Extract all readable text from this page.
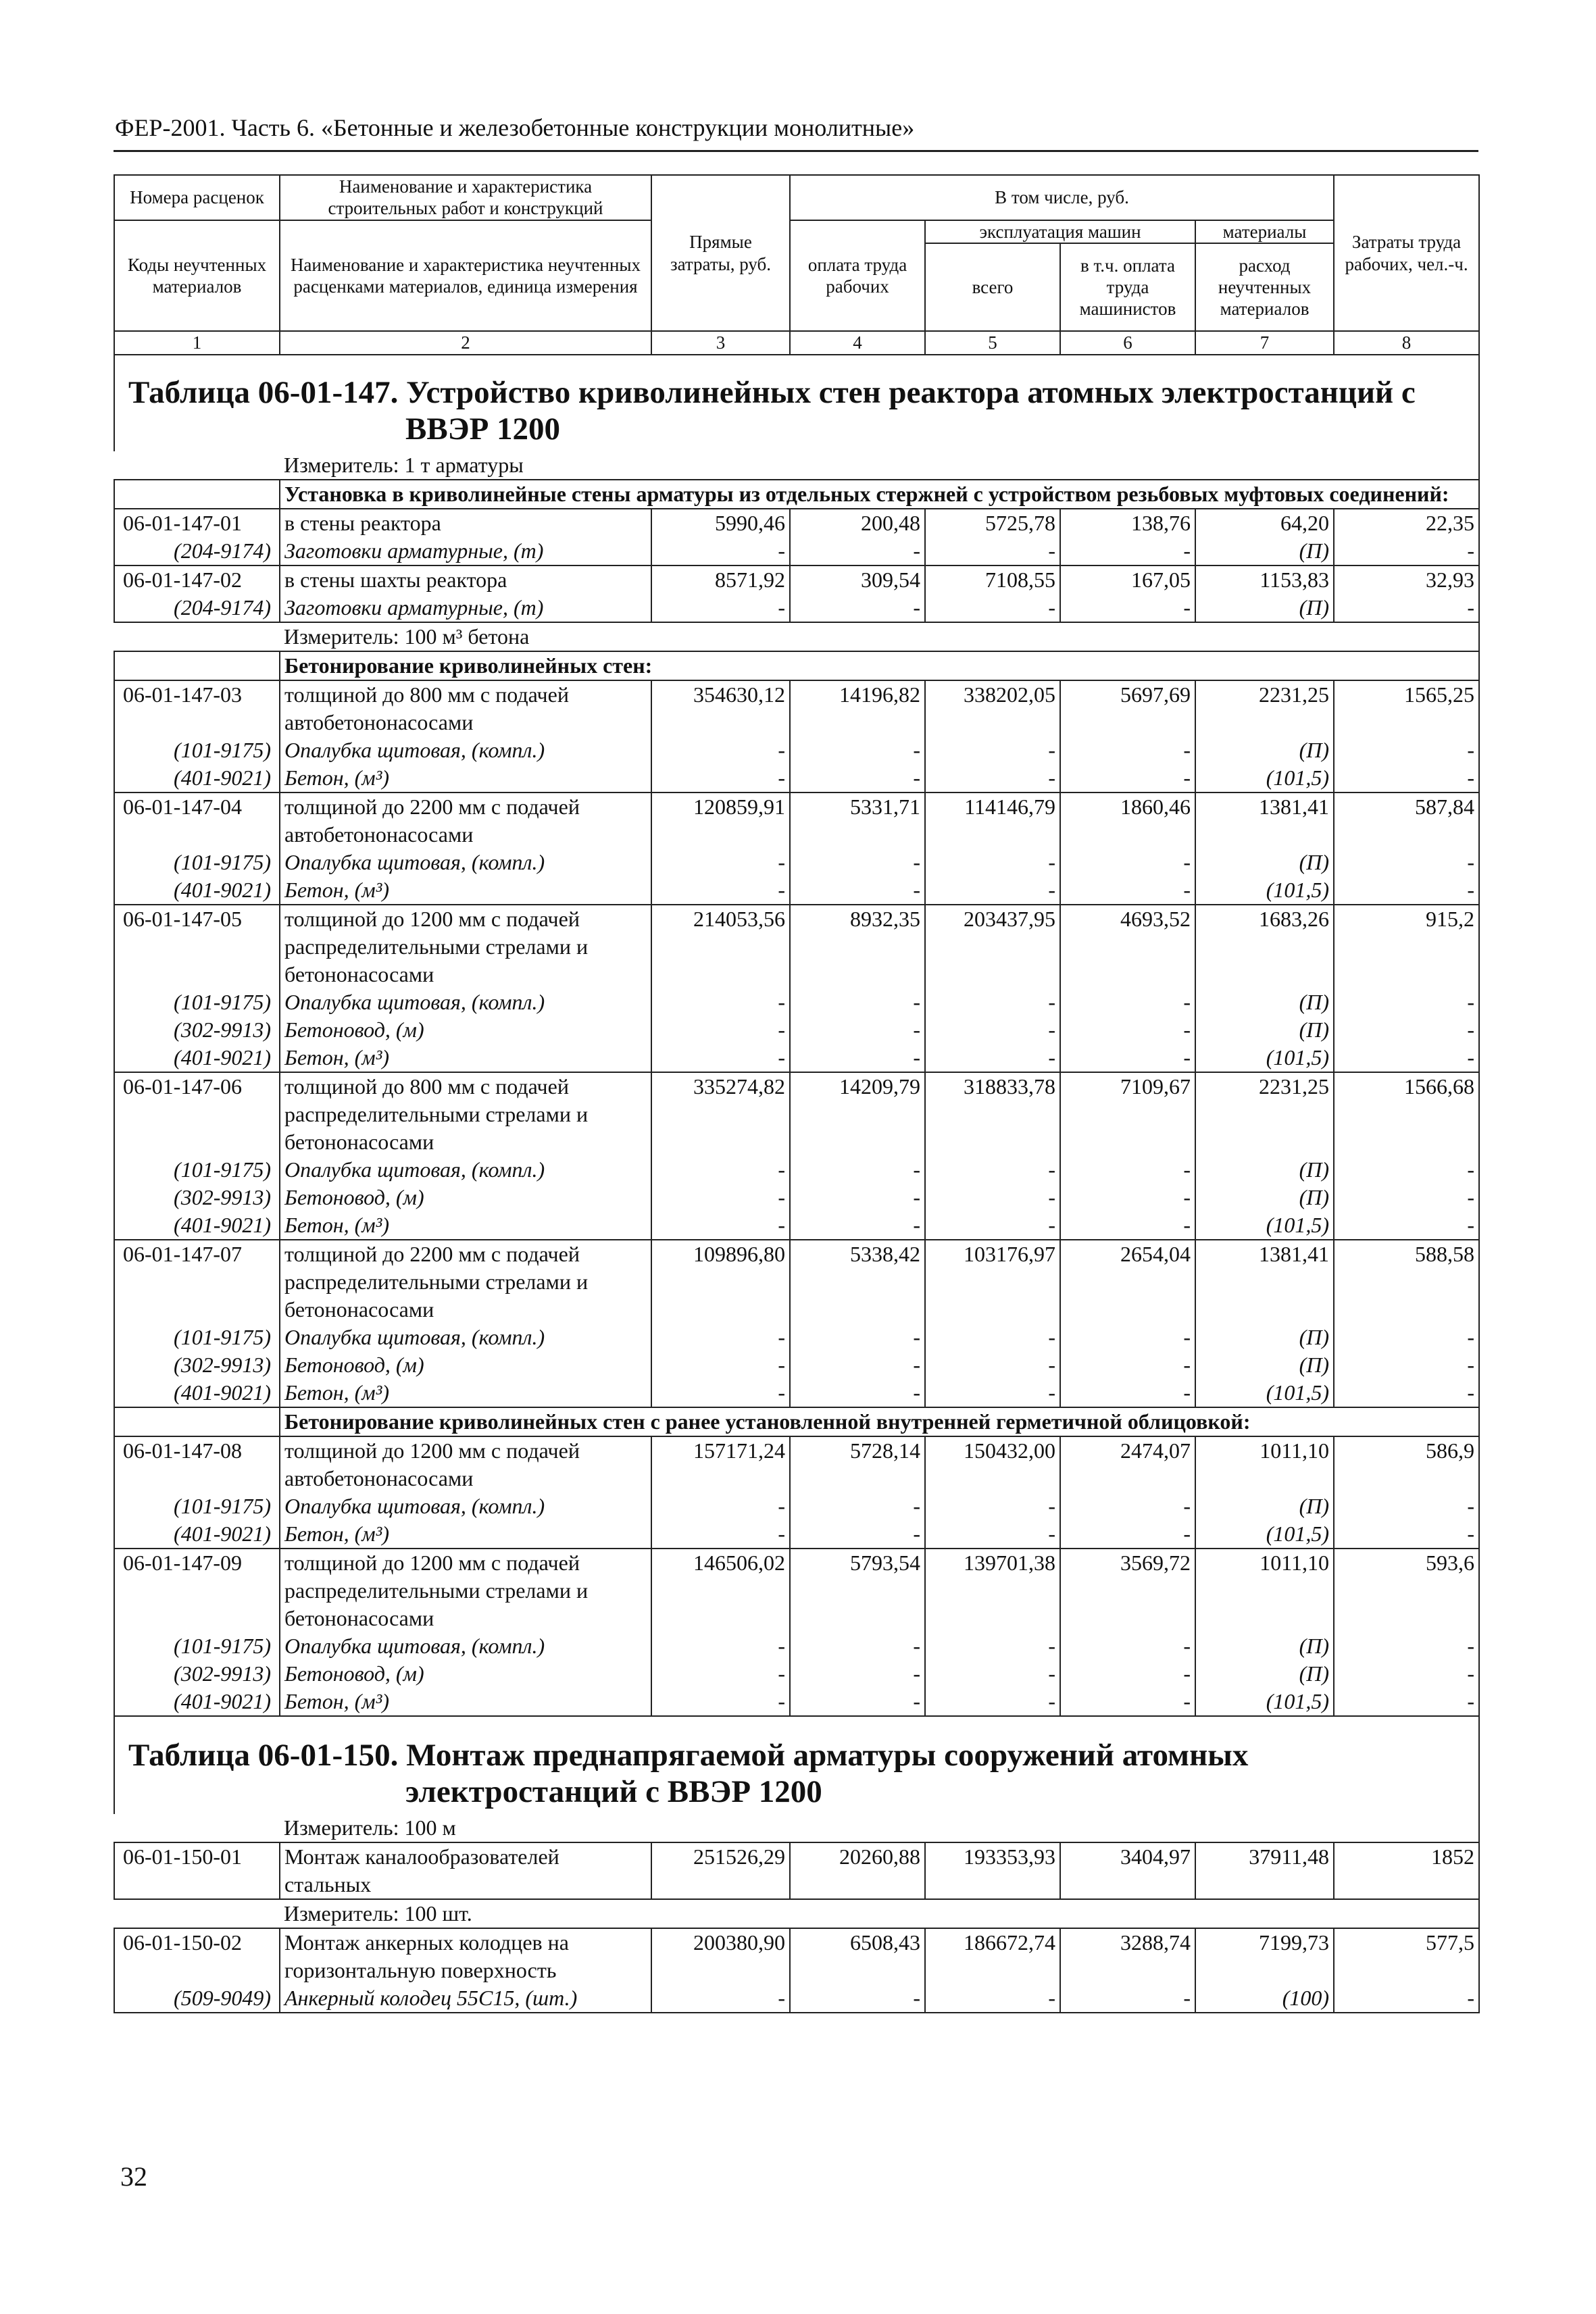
ФЕР-2001. Часть 6. «Бетонные и железобетонные конструкции монолитные»
Номера расценок	Наименование и характеристика строительных работ и конструкций	Прямые затраты, руб.	В том числе, руб.				Затраты труда рабочих, чел.-ч.
Коды неучтенных материалов	Наименование и характеристика неучтенных расценками материалов, единица измерения		оплата труда рабочих	эксплуатация машин		материалы	
				всего	в т.ч. оплата труда машинистов	расход неучтенных материалов	
1	2	3	4	5	6	7	8
Таблица 06-01-147. Устройство криволинейных стен реактора атомных электростанций с
ВВЭР 1200							

	Измеритель: 1 т арматуры						
	Установка в криволинейные стены арматуры из отдельных стержней с устройством резьбовых муфтовых соединений:						
06-01-147-01	в стены реактора	5990,46	200,48	5725,78	138,76	64,20	22,35
(204-9174)	Заготовки арматурные, (т)	-	-	-	-	(П)	-
06-01-147-02	в стены шахты реактора	8571,92	309,54	7108,55	167,05	1153,83	32,93
(204-9174)	Заготовки арматурные, (т)	-	-	-	-	(П)	-
	Измеритель: 100 м³ бетона						
	Бетонирование криволинейных стен:						
06-01-147-03	толщиной до 800 мм с подачей автобетононасосами	354630,12	14196,82	338202,05	5697,69	2231,25	1565,25
(101-9175)	Опалубка щитовая, (компл.)	-	-	-	-	(П)	-
(401-9021)	Бетон, (м³)	-	-	-	-	(101,5)	-
06-01-147-04	толщиной до 2200 мм с подачей автобетононасосами	120859,91	5331,71	114146,79	1860,46	1381,41	587,84
(101-9175)	Опалубка щитовая, (компл.)	-	-	-	-	(П)	-
(401-9021)	Бетон, (м³)	-	-	-	-	(101,5)	-
06-01-147-05	толщиной до 1200 мм с подачей распределительными стрелами и бетононасосами	214053,56	8932,35	203437,95	4693,52	1683,26	915,2
(101-9175)	Опалубка щитовая, (компл.)	-	-	-	-	(П)	-
(302-9913)	Бетоновод, (м)	-	-	-	-	(П)	-
(401-9021)	Бетон, (м³)	-	-	-	-	(101,5)	-
06-01-147-06	толщиной до 800 мм с подачей распределительными стрелами и бетононасосами	335274,82	14209,79	318833,78	7109,67	2231,25	1566,68
(101-9175)	Опалубка щитовая, (компл.)	-	-	-	-	(П)	-
(302-9913)	Бетоновод, (м)	-	-	-	-	(П)	-
(401-9021)	Бетон, (м³)	-	-	-	-	(101,5)	-
06-01-147-07	толщиной до 2200 мм с подачей распределительными стрелами и бетононасосами	109896,80	5338,42	103176,97	2654,04	1381,41	588,58
(101-9175)	Опалубка щитовая, (компл.)	-	-	-	-	(П)	-
(302-9913)	Бетоновод, (м)	-	-	-	-	(П)	-
(401-9021)	Бетон, (м³)	-	-	-	-	(101,5)	-
	Бетонирование криволинейных стен с ранее установленной внутренней герметичной облицовкой:						
06-01-147-08	толщиной до 1200 мм с подачей автобетононасосами	157171,24	5728,14	150432,00	2474,07	1011,10	586,9
(101-9175)	Опалубка щитовая, (компл.)	-	-	-	-	(П)	-
(401-9021)	Бетон, (м³)	-	-	-	-	(101,5)	-
06-01-147-09	толщиной до 1200 мм с подачей распределительными стрелами и бетононасосами	146506,02	5793,54	139701,38	3569,72	1011,10	593,6
(101-9175)	Опалубка щитовая, (компл.)	-	-	-	-	(П)	-
(302-9913)	Бетоновод, (м)	-	-	-	-	(П)	-
(401-9021)	Бетон, (м³)	-	-	-	-	(101,5)	-

Таблица 06-01-150. Монтаж преднапрягаемой арматуры сооружений атомных
электростанций с ВВЭР 1200							

	Измеритель: 100 м						
06-01-150-01	Монтаж каналообразователей стальных	251526,29	20260,88	193353,93	3404,97	37911,48	1852
	Измеритель: 100 шт.						
06-01-150-02	Монтаж анкерных колодцев на горизонтальную поверхность	200380,90	6508,43	186672,74	3288,74	7199,73	577,5
(509-9049)	Анкерный колодец 55С15, (шт.)	-	-	-	-	(100)	-
32
